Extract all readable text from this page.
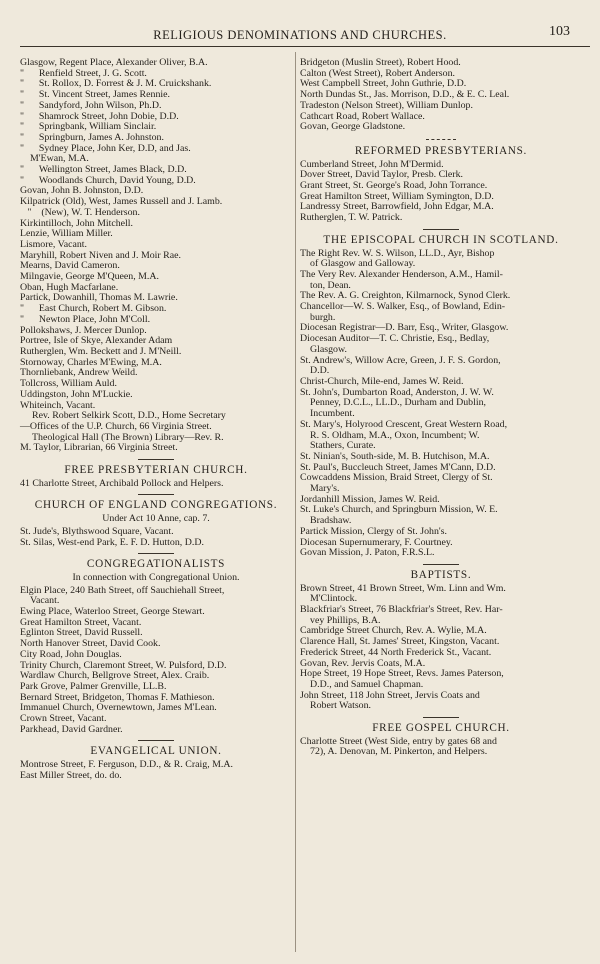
RELIGIOUS DENOMINATIONS AND CHURCHES.	103
Glasgow, Regent Place, Alexander Oliver, B.A.
" Renfield Street, J. G. Scott.
" St. Rollox, D. Forrest & J. M. Cruickshank.
" St. Vincent Street, James Rennie.
" Sandyford, John Wilson, Ph.D.
" Shamrock Street, John Dobie, D.D.
" Springbank, William Sinclair.
" Springburn, James A. Johnston.
" Sydney Place, John Ker, D.D, and Jas.
M'Ewan, M.A.
" Wellington Street, James Black, D.D.
" Woodlands Church, David Young, D.D.
Govan, John B. Johnston, D.D.
Kilpatrick (Old), West, James Russell and J. Lamb.
" (New), W. T. Henderson.
Kirkintilloch, John Mitchell.
Lenzie, William Miller.
Lismore, Vacant.
Maryhill, Robert Niven and J. Moir Rae.
Mearns, David Cameron.
Milngavie, George M'Queen, M.A.
Oban, Hugh Macfarlane.
Partick, Dowanhill, Thomas M. Lawrie.
" East Church, Robert M. Gibson.
" Newton Place, John M'Coll.
Pollokshaws, J. Mercer Dunlop.
Portree, Isle of Skye, Alexander Adam
Rutherglen, Wm. Beckett and J. M'Neill.
Stornoway, Charles M'Ewing, M.A.
Thornliebank, Andrew Weild.
Tollcross, William Auld.
Uddingston, John M'Luckie.
Whiteinch, Vacant.
Rev. Robert Selkirk Scott, D.D., Home Secretary
—Offices of the U.P. Church, 66 Virginia Street.
Theological Hall (The Brown) Library—Rev. R.
M. Taylor, Librarian, 66 Virginia Street.
FREE PRESBYTERIAN CHURCH.
41 Charlotte Street, Archibald Pollock and Helpers.
CHURCH OF ENGLAND CONGREGATIONS.
Under Act 10 Anne, cap. 7.
St. Jude's, Blythswood Square, Vacant.
St. Silas, West-end Park, E. F. D. Hutton, D.D.
CONGREGATIONALISTS
In connection with Congregational Union.
Elgin Place, 240 Bath Street, off Sauchiehall Street,
Vacant.
Ewing Place, Waterloo Street, George Stewart.
Great Hamilton Street, Vacant.
Eglinton Street, David Russell.
North Hanover Street, David Cook.
City Road, John Douglas.
Trinity Church, Claremont Street, W. Pulsford, D.D.
Wardlaw Church, Bellgrove Street, Alex. Craib.
Park Grove, Palmer Grenville, LL.B.
Bernard Street, Bridgeton, Thomas F. Mathieson.
Immanuel Church, Overnewtown, James M'Lean.
Crown Street, Vacant.
Parkhead, David Gardner.
EVANGELICAL UNION.
Montrose Street, F. Ferguson, D.D., & R. Craig, M.A.
East Miller Street, do. do.
Bridgeton (Muslin Street), Robert Hood.
Calton (West Street), Robert Anderson.
West Campbell Street, John Guthrie, D.D.
North Dundas St., Jas. Morrison, D.D., & E. C. Leal.
Tradeston (Nelson Street), William Dunlop.
Cathcart Road, Robert Wallace.
Govan, George Gladstone.
REFORMED PRESBYTERIANS.
Cumberland Street, John M'Dermid.
Dover Street, David Taylor, Presb. Clerk.
Grant Street, St. George's Road, John Torrance.
Great Hamilton Street, William Symington, D.D.
Landressy Street, Barrowfield, John Edgar, M.A.
Rutherglen, T. W. Patrick.
THE EPISCOPAL CHURCH IN SCOTLAND.
The Right Rev. W. S. Wilson, LL.D., Ayr, Bishop
of Glasgow and Galloway.
The Very Rev. Alexander Henderson, A.M., Hamil-
ton, Dean.
The Rev. A. G. Creighton, Kilmarnock, Synod Clerk.
Chancellor—W. S. Walker, Esq., of Bowland, Edin-
burgh.
Diocesan Registrar—D. Barr, Esq., Writer, Glasgow.
Diocesan Auditor—T. C. Christie, Esq., Bedlay,
Glasgow.
St. Andrew's, Willow Acre, Green, J. F. S. Gordon,
D.D.
Christ-Church, Mile-end, James W. Reid.
St. John's, Dumbarton Road, Anderston, J. W. W.
Penney, D.C.L., LL.D., Durham and Dublin,
Incumbent.
St. Mary's, Holyrood Crescent, Great Western Road,
R. S. Oldham, M.A., Oxon, Incumbent; W.
Stathers, Curate.
St. Ninian's, South-side, M. B. Hutchison, M.A.
St. Paul's, Buccleuch Street, James M'Cann, D.D.
Cowcaddens Mission, Braid Street, Clergy of St.
Mary's.
Jordanhill Mission, James W. Reid.
St. Luke's Church, and Springburn Mission, W. E.
Bradshaw.
Partick Mission, Clergy of St. John's.
Diocesan Supernumerary, F. Courtney.
Govan Mission, J. Paton, F.R.S.L.
BAPTISTS.
Brown Street, 41 Brown Street, Wm. Linn and Wm.
M'Clintock.
Blackfriar's Street, 76 Blackfriar's Street, Rev. Har-
vey Phillips, B.A.
Cambridge Street Church, Rev. A. Wylie, M.A.
Clarence Hall, St. James' Street, Kingston, Vacant.
Frederick Street, 44 North Frederick St., Vacant.
Govan, Rev. Jervis Coats, M.A.
Hope Street, 19 Hope Street, Revs. James Paterson,
D.D., and Samuel Chapman.
John Street, 118 John Street, Jervis Coats and
Robert Watson.
FREE GOSPEL CHURCH.
Charlotte Street (West Side, entry by gates 68 and
72), A. Denovan, M. Pinkerton, and Helpers.
